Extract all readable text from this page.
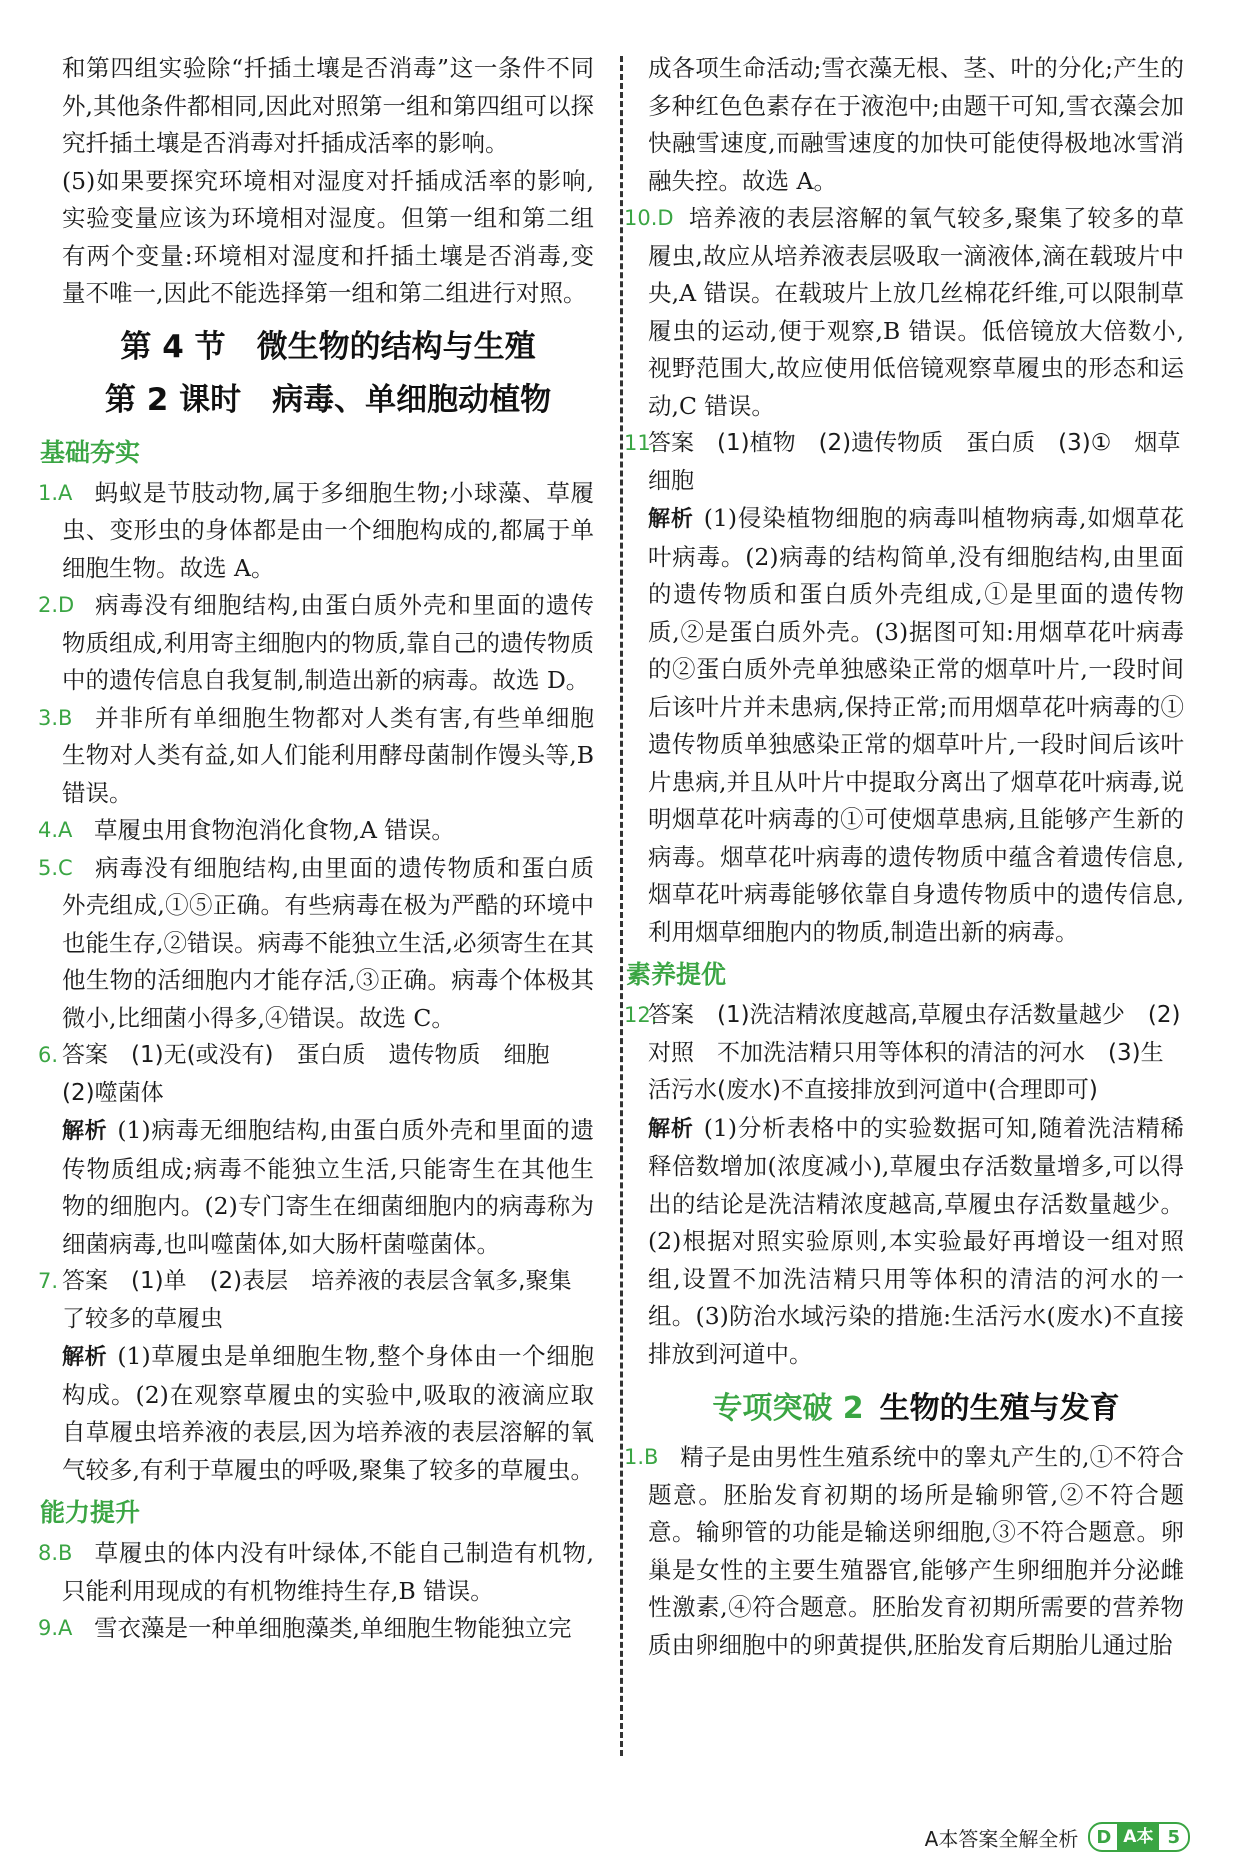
和第四组实验除“扦插土壤是否消毒”这一条件不同外,其他条件都相同,因此对照第一组和第四组可以探究扦插土壤是否消毒对扦插成活率的影响。

(5)如果要探究环境相对湿度对扦插成活率的影响,实验变量应该为环境相对湿度。但第一组和第二组有两个变量:环境相对湿度和扦插土壤是否消毒,变量不唯一,因此不能选择第一组和第二组进行对照。

第 4 节　微生物的结构与生殖
第 2 课时　病毒、单细胞动植物
基础夯实
1.A 蚂蚁是节肢动物,属于多细胞生物;小球藻、草履虫、变形虫的身体都是由一个细胞构成的,都属于单细胞生物。故选 A。

2.D 病毒没有细胞结构,由蛋白质外壳和里面的遗传物质组成,利用寄主细胞内的物质,靠自己的遗传物质中的遗传信息自我复制,制造出新的病毒。故选 D。

3.B 并非所有单细胞生物都对人类有害,有些单细胞生物对人类有益,如人们能利用酵母菌制作馒头等,B 错误。

4.A 草履虫用食物泡消化食物,A 错误。

5.C 病毒没有细胞结构,由里面的遗传物质和蛋白质外壳组成,①⑤正确。有些病毒在极为严酷的环境中也能生存,②错误。病毒不能独立生活,必须寄生在其他生物的活细胞内才能存活,③正确。病毒个体极其微小,比细菌小得多,④错误。故选 C。

6. 答案　(1)无(或没有)　蛋白质　遗传物质　细胞　(2)噬菌体

解析 (1)病毒无细胞结构,由蛋白质外壳和里面的遗传物质组成;病毒不能独立生活,只能寄生在其他生物的细胞内。(2)专门寄生在细菌细胞内的病毒称为细菌病毒,也叫噬菌体,如大肠杆菌噬菌体。

7. 答案　(1)单　(2)表层　培养液的表层含氧多,聚集了较多的草履虫

解析 (1)草履虫是单细胞生物,整个身体由一个细胞构成。(2)在观察草履虫的实验中,吸取的液滴应取自草履虫培养液的表层,因为培养液的表层溶解的氧气较多,有利于草履虫的呼吸,聚集了较多的草履虫。

能力提升
8.B 草履虫的体内没有叶绿体,不能自己制造有机物,只能利用现成的有机物维持生存,B 错误。

9.A 雪衣藻是一种单细胞藻类,单细胞生物能独立完

成各项生命活动;雪衣藻无根、茎、叶的分化;产生的多种红色色素存在于液泡中;由题干可知,雪衣藻会加快融雪速度,而融雪速度的加快可能使得极地冰雪消融失控。故选 A。

10.D 培养液的表层溶解的氧气较多,聚集了较多的草履虫,故应从培养液表层吸取一滴液体,滴在载玻片中央,A 错误。在载玻片上放几丝棉花纤维,可以限制草履虫的运动,便于观察,B 错误。低倍镜放大倍数小,视野范围大,故应使用低倍镜观察草履虫的形态和运动,C 错误。

11.

答案　(1)植物　(2)遗传物质　蛋白质　(3)①　烟草细胞

解析 (1)侵染植物细胞的病毒叫植物病毒,如烟草花叶病毒。(2)病毒的结构简单,没有细胞结构,由里面的遗传物质和蛋白质外壳组成,①是里面的遗传物质,②是蛋白质外壳。(3)据图可知:用烟草花叶病毒的②蛋白质外壳单独感染正常的烟草叶片,一段时间后该叶片并未患病,保持正常;而用烟草花叶病毒的①遗传物质单独感染正常的烟草叶片,一段时间后该叶片患病,并且从叶片中提取分离出了烟草花叶病毒,说明烟草花叶病毒的①可使烟草患病,且能够产生新的病毒。烟草花叶病毒的遗传物质中蕴含着遗传信息,烟草花叶病毒能够依靠自身遗传物质中的遗传信息,利用烟草细胞内的物质,制造出新的病毒。

素养提优
12.

答案　(1)洗洁精浓度越高,草履虫存活数量越少　(2)对照　不加洗洁精只用等体积的清洁的河水　(3)生活污水(废水)不直接排放到河道中(合理即可)

解析 (1)分析表格中的实验数据可知,随着洗洁精稀释倍数增加(浓度减小),草履虫存活数量增多,可以得出的结论是洗洁精浓度越高,草履虫存活数量越少。(2)根据对照实验原则,本实验最好再增设一组对照组,设置不加洗洁精只用等体积的清洁的河水的一组。(3)防治水域污染的措施:生活污水(废水)不直接排放到河道中。

专项突破 2 生物的生殖与发育
1.B 精子是由男性生殖系统中的睾丸产生的,①不符合题意。胚胎发育初期的场所是输卵管,②不符合题意。输卵管的功能是输送卵细胞,③不符合题意。卵巢是女性的主要生殖器官,能够产生卵细胞并分泌雌性激素,④符合题意。胚胎发育初期所需要的营养物质由卵细胞中的卵黄提供,胚胎发育后期胎儿通过胎

A本答案全解全析	D A本 5
